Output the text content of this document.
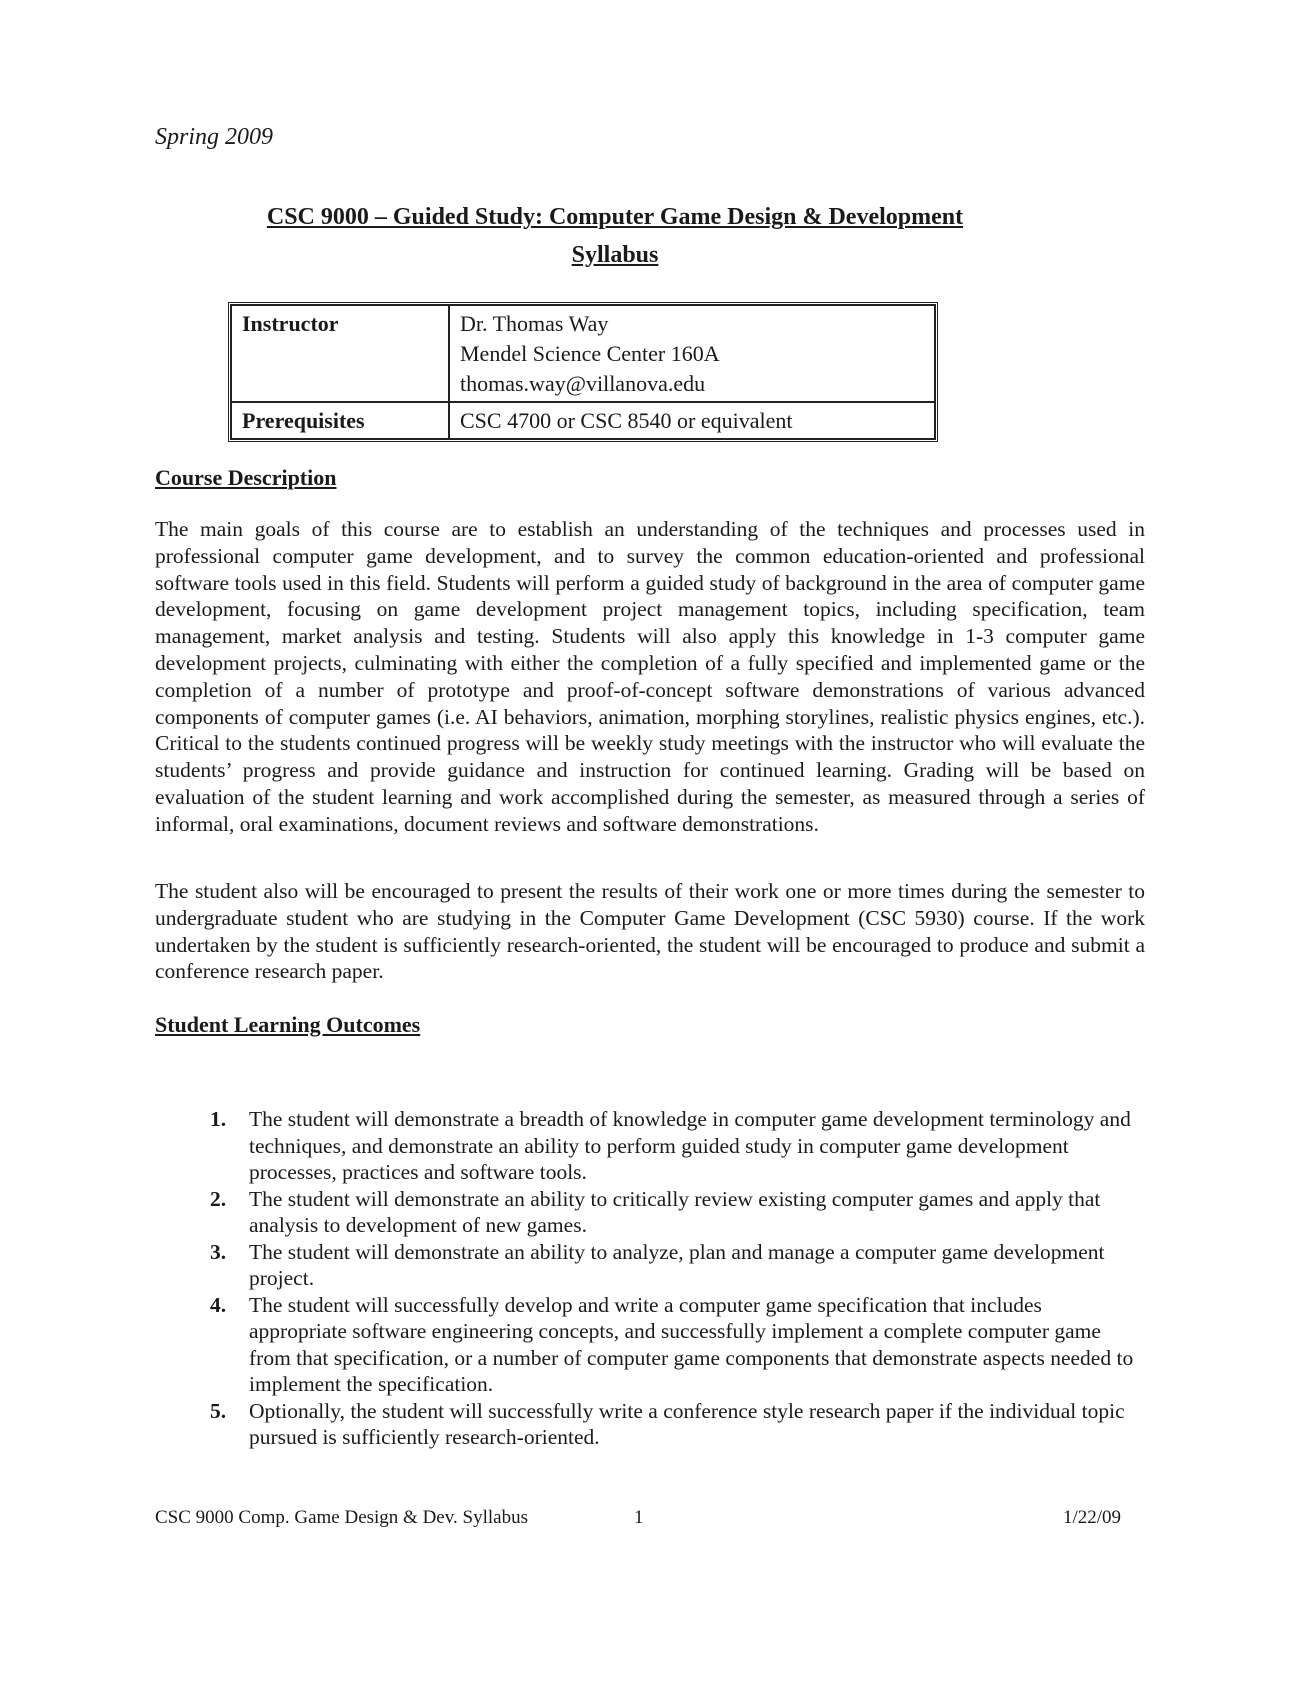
Spring 2009
CSC 9000 – Guided Study: Computer Game Design & Development
Syllabus
Instructor	Dr. Thomas Way
Mendel Science Center 160A
thomas.way@villanova.edu

Prerequisites	CSC 4700 or CSC 8540 or equivalent
Course Description

The main goals of this course are to establish an understanding of the techniques and processes used in professional computer game development, and to survey the common education-oriented and professional software tools used in this field. Students will perform a guided study of background in the area of computer game development, focusing on game development project management topics, including specification, team management, market analysis and testing. Students will also apply this knowledge in 1-3 computer game development projects, culminating with either the completion of a fully specified and implemented game or the completion of a number of prototype and proof-of-concept software demonstrations of various advanced components of computer games (i.e. AI behaviors, animation, morphing storylines, realistic physics engines, etc.). Critical to the students continued progress will be weekly study meetings with the instructor who will evaluate the students’ progress and provide guidance and instruction for continued learning. Grading will be based on evaluation of the student learning and work accomplished during the semester, as measured through a series of informal, oral examinations, document reviews and software demonstrations.

The student also will be encouraged to present the results of their work one or more times during the semester to undergraduate student who are studying in the Computer Game Development (CSC 5930) course. If the work undertaken by the student is sufficiently research-oriented, the student will be encouraged to produce and submit a conference research paper.

Student Learning Outcomes
1. The student will demonstrate a breadth of knowledge in computer game development terminology and techniques, and demonstrate an ability to perform guided study in computer game development processes, practices and software tools.
2. The student will demonstrate an ability to critically review existing computer games and apply that analysis to development of new games.
3. The student will demonstrate an ability to analyze, plan and manage a computer game development project.
4. The student will successfully develop and write a computer game specification that includes appropriate software engineering concepts, and successfully implement a complete computer game from that specification, or a number of computer game components that demonstrate aspects needed to implement the specification.
5. Optionally, the student will successfully write a conference style research paper if the individual topic pursued is sufficiently research-oriented.
CSC 9000 Comp. Game Design & Dev. Syllabus	1	1/22/09
